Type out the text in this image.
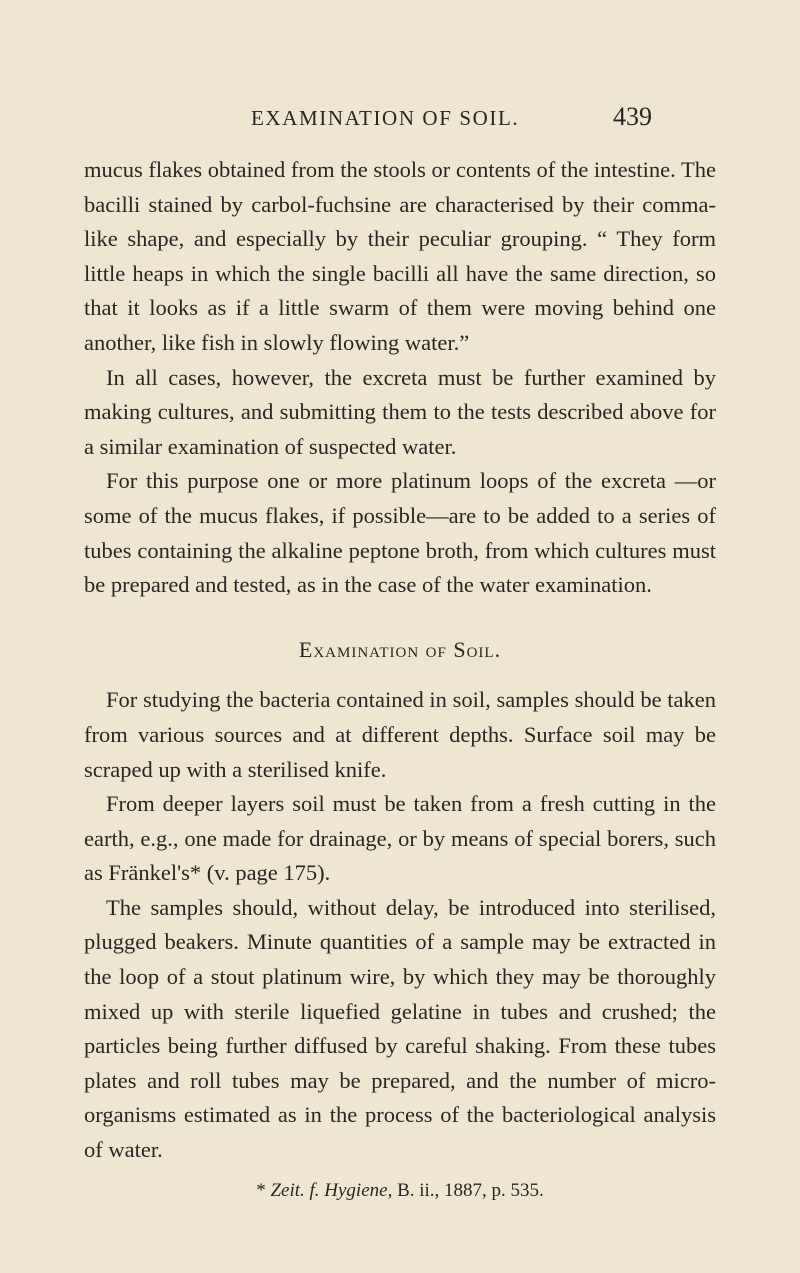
EXAMINATION OF SOIL.	439

mucus flakes obtained from the stools or contents of the intestine. The bacilli stained by carbol-fuchsine are characterised by their comma-like shape, and especially by their peculiar grouping. “ They form little heaps in which the single bacilli all have the same direction, so that it looks as if a little swarm of them were moving behind one another, like fish in slowly flowing water.”

In all cases, however, the excreta must be further examined by making cultures, and submitting them to the tests described above for a similar examination of suspected water.

For this purpose one or more platinum loops of the excreta —or some of the mucus flakes, if possible—are to be added to a series of tubes containing the alkaline peptone broth, from which cultures must be prepared and tested, as in the case of the water examination.

Examination of Soil.

For studying the bacteria contained in soil, samples should be taken from various sources and at different depths. Surface soil may be scraped up with a sterilised knife.

From deeper layers soil must be taken from a fresh cutting in the earth, e.g., one made for drainage, or by means of special borers, such as Fränkel's* (v. page 175).

The samples should, without delay, be introduced into sterilised, plugged beakers. Minute quantities of a sample may be extracted in the loop of a stout platinum wire, by which they may be thoroughly mixed up with sterile liquefied gelatine in tubes and crushed; the particles being further diffused by careful shaking. From these tubes plates and roll tubes may be prepared, and the number of micro-organisms estimated as in the process of the bacteriological analysis of water.

* Zeit. f. Hygiene, B. ii., 1887, p. 535.
